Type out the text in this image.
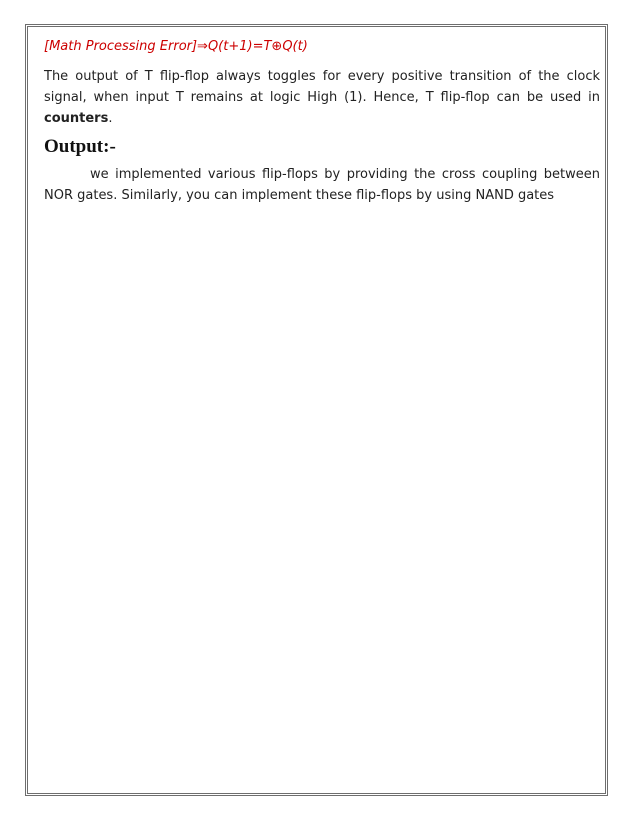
[Math Processing Error]⇒Q(t+1)=T⊕Q(t)

The output of T flip-flop always toggles for every positive transition of the clock signal, when input T remains at logic High (1). Hence, T flip-flop can be used in counters.

Output:-

we implemented various flip-flops by providing the cross coupling between NOR gates. Similarly, you can implement these flip-flops by using NAND gates
